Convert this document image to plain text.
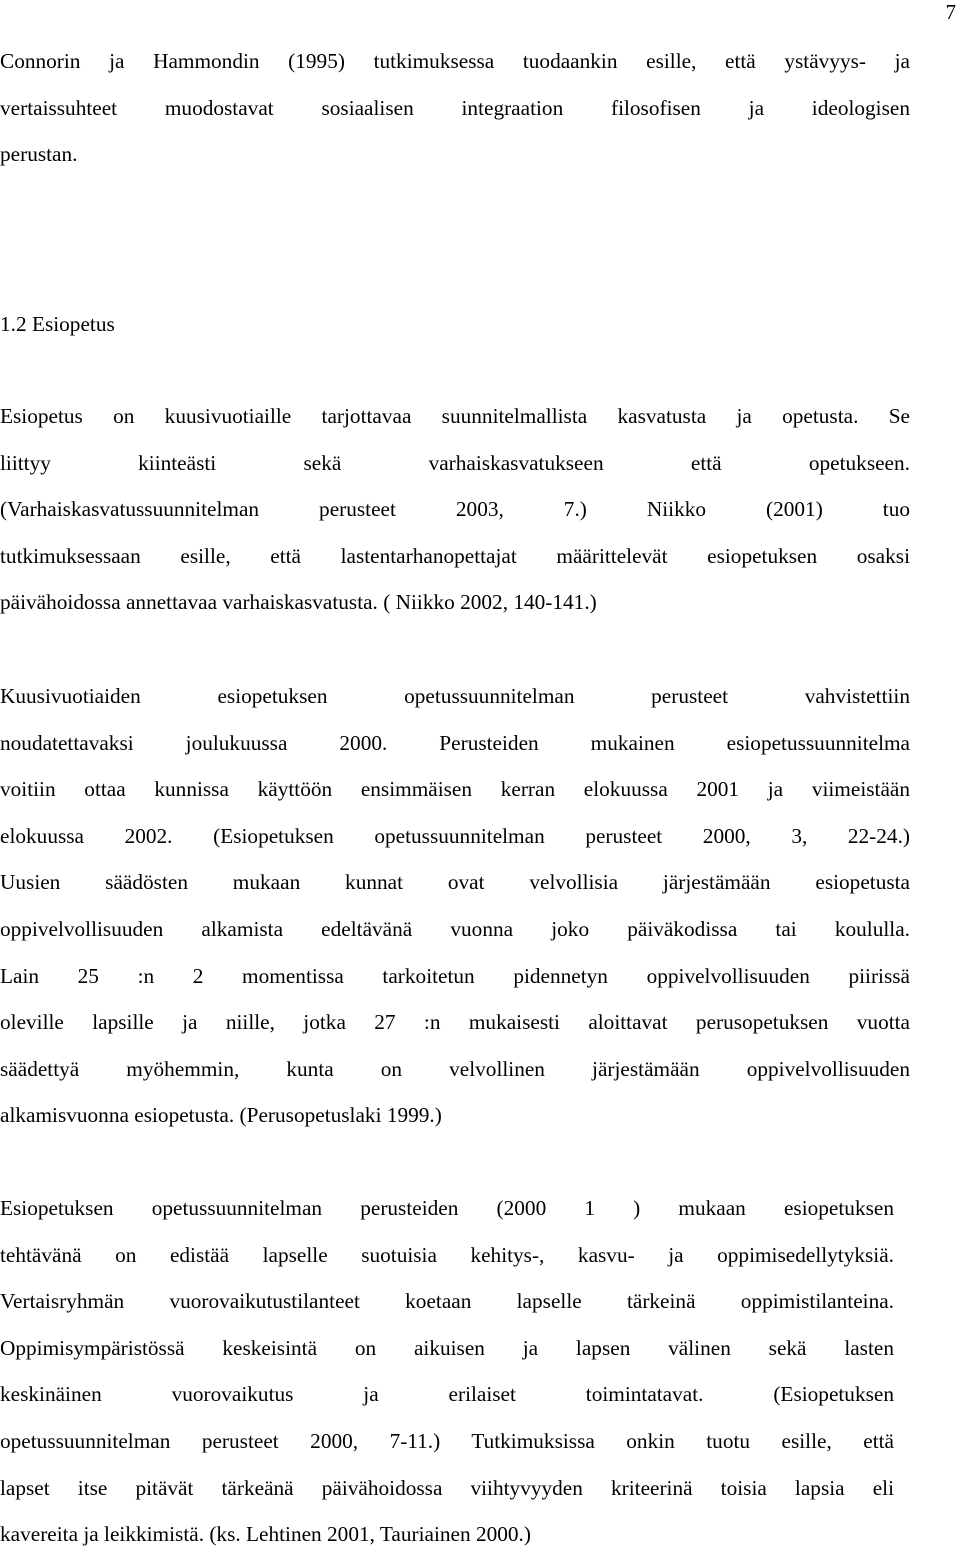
7
Connorin ja Hammondin (1995) tutkimuksessa tuodaankin esille, että ystävyys- ja
vertaissuhteet muodostavat sosiaalisen integraation filosofisen ja ideologisen
perustan.
1.2 Esiopetus
Esiopetus on kuusivuotiaille tarjottavaa suunnitelmallista kasvatusta ja opetusta. Se
liittyy kiinteästi sekä varhaiskasvatukseen että opetukseen.
(Varhaiskasvatussuunnitelman perusteet 2003, 7.) Niikko (2001) tuo
tutkimuksessaan esille, että lastentarhanopettajat määrittelevät esiopetuksen osaksi
päivähoidossa annettavaa varhaiskasvatusta. ( Niikko 2002, 140-141.)
Kuusivuotiaiden esiopetuksen opetussuunnitelman perusteet vahvistettiin
noudatettavaksi joulukuussa 2000. Perusteiden mukainen esiopetussuunnitelma
voitiin ottaa kunnissa käyttöön ensimmäisen kerran elokuussa 2001 ja viimeistään
elokuussa 2002. (Esiopetuksen opetussuunnitelman perusteet 2000, 3, 22-24.)
Uusien säädösten mukaan kunnat ovat velvollisia järjestämään esiopetusta
oppivelvollisuuden alkamista edeltävänä vuonna joko päiväkodissa tai koululla.
Lain 25 :n 2 momentissa tarkoitetun pidennetyn oppivelvollisuuden piirissä
oleville lapsille ja niille, jotka 27 :n mukaisesti aloittavat perusopetuksen vuotta
säädettyä myöhemmin, kunta on velvollinen järjestämään oppivelvollisuuden
alkamisvuonna esiopetusta. (Perusopetuslaki 1999.)
Esiopetuksen opetussuunnitelman perusteiden (2000 1 ) mukaan esiopetuksen
tehtävänä on edistää lapselle suotuisia kehitys-, kasvu- ja oppimisedellytyksiä.
Vertaisryhmän vuorovaikutustilanteet koetaan lapselle tärkeinä oppimistilanteina.
Oppimisympäristössä keskeisintä on aikuisen ja lapsen välinen sekä lasten
keskinäinen vuorovaikutus ja erilaiset toimintatavat. (Esiopetuksen
opetussuunnitelman perusteet 2000, 7-11.) Tutkimuksissa onkin tuotu esille, että
lapset itse pitävät tärkeänä päivähoidossa viihtyvyyden kriteerinä toisia lapsia eli
kavereita ja leikkimistä. (ks. Lehtinen 2001, Tauriainen 2000.)
